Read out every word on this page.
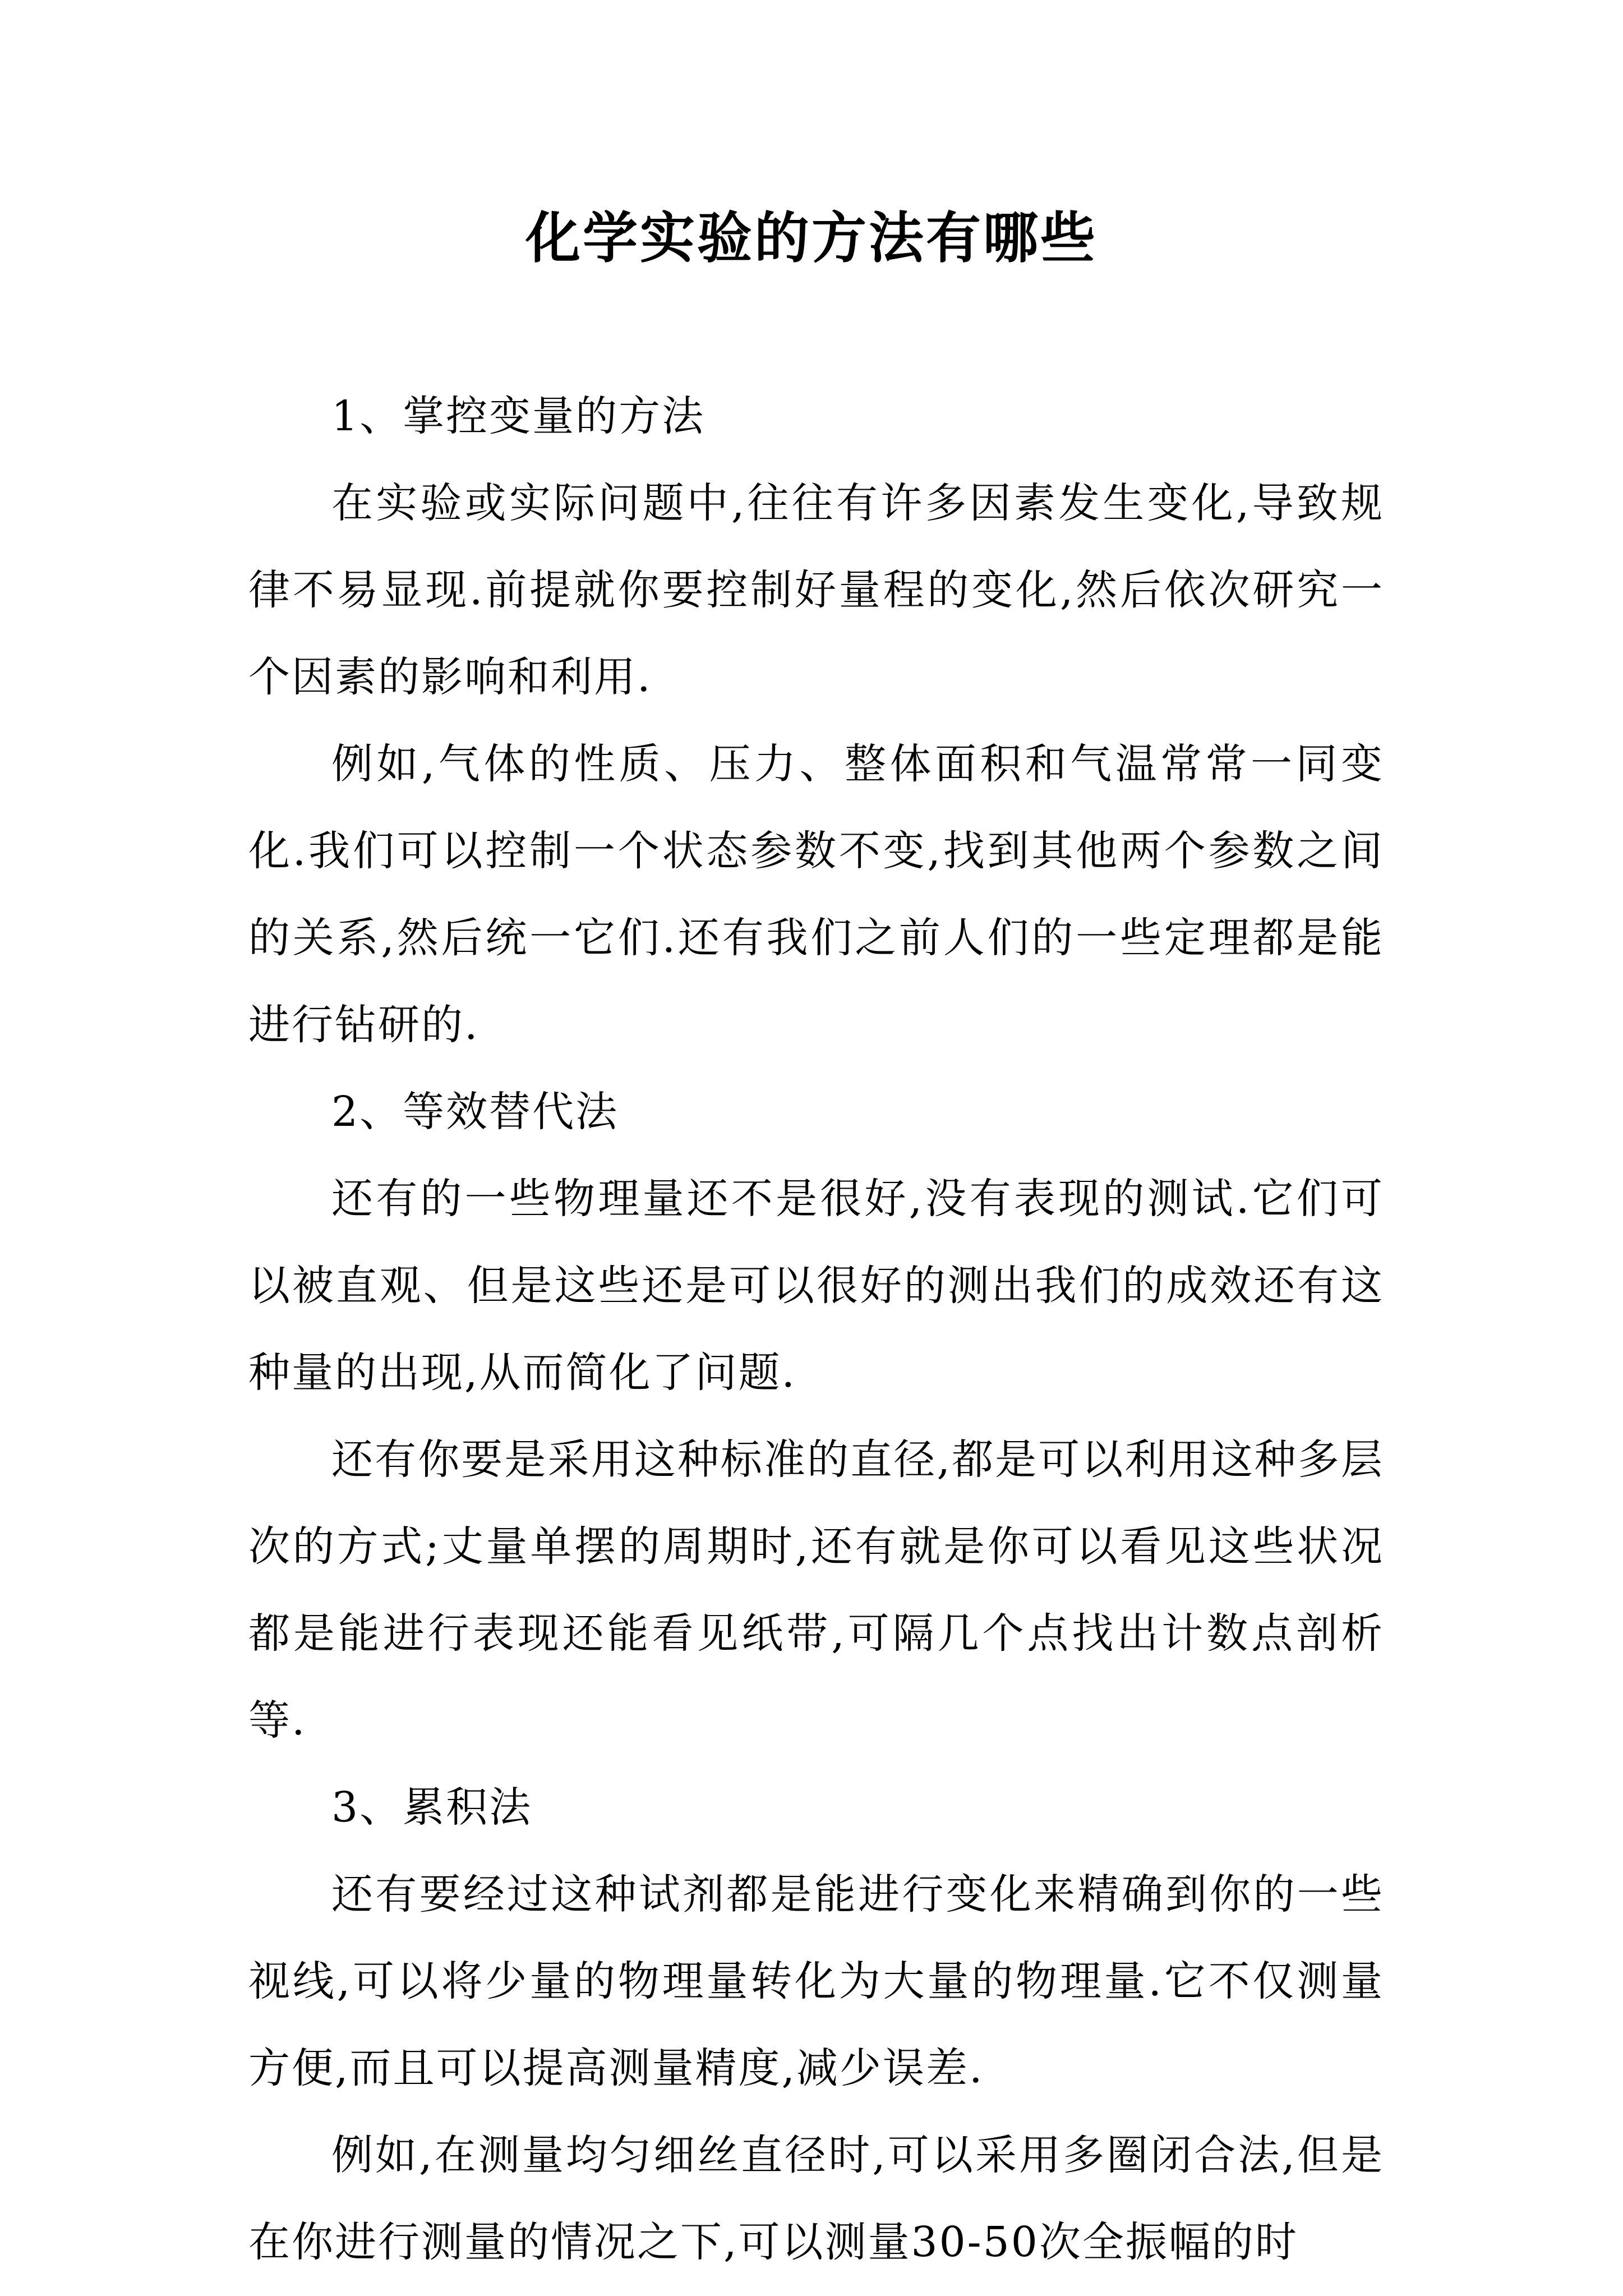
化学实验的方法有哪些

1、掌控变量的方法

在实验或实际问题中,往往有许多因素发生变化,导致规律不易显现.前提就你要控制好量程的变化,然后依次研究一个因素的影响和利用.

例如,气体的性质、压力、整体面积和气温常常一同变化.我们可以控制一个状态参数不变,找到其他两个参数之间的关系,然后统一它们.还有我们之前人们的一些定理都是能进行钻研的.

2、等效替代法

还有的一些物理量还不是很好,没有表现的测试.它们可以被直观、但是这些还是可以很好的测出我们的成效还有这种量的出现,从而简化了问题.

还有你要是采用这种标准的直径,都是可以利用这种多层次的方式;丈量单摆的周期时,还有就是你可以看见这些状况都是能进行表现还能看见纸带,可隔几个点找出计数点剖析等.

3、累积法

还有要经过这种试剂都是能进行变化来精确到你的一些视线,可以将少量的物理量转化为大量的物理量.它不仅测量方便,而且可以提高测量精度,减少误差.

例如,在测量均匀细丝直径时,可以采用多圈闭合法,但是在你进行测量的情况之下,可以测量30-50次全振幅的时
